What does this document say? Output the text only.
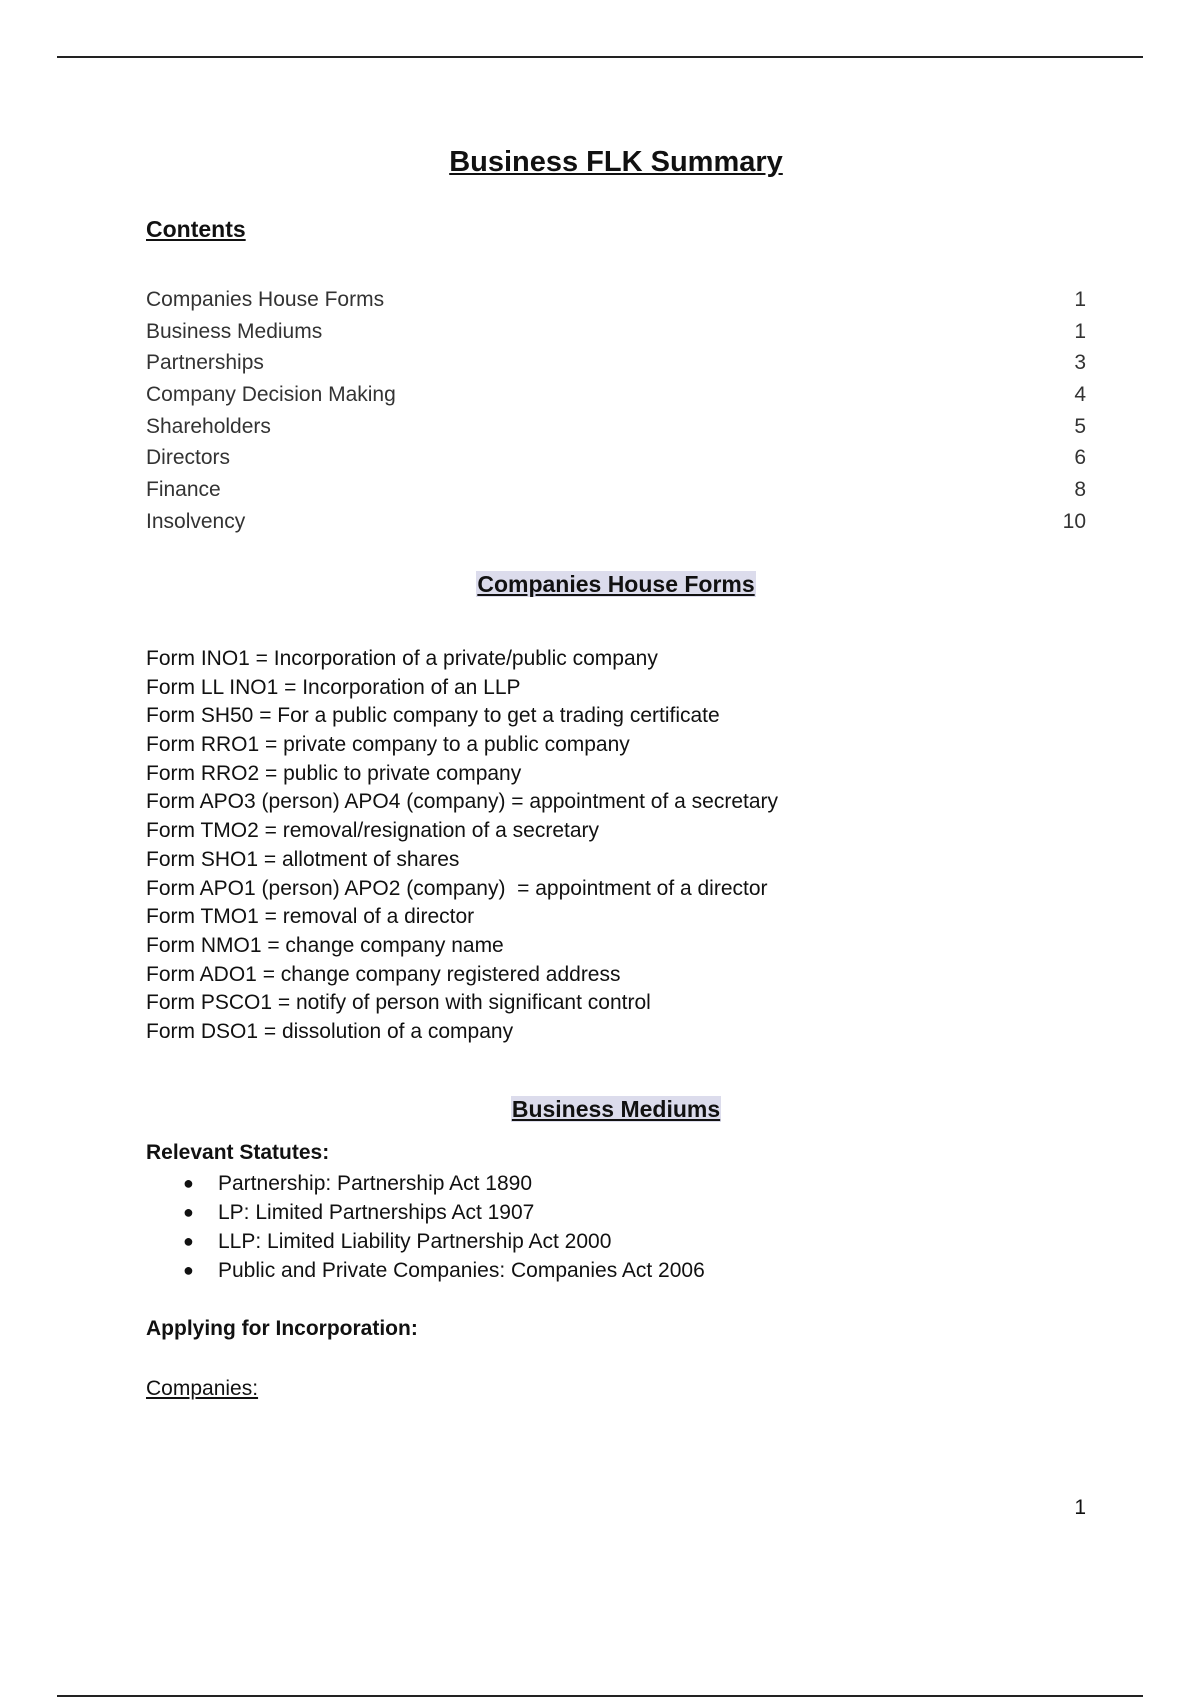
Business FLK Summary
Contents
Companies House Forms	1
Business Mediums	1
Partnerships	3
Company Decision Making	4
Shareholders	5
Directors	6
Finance	8
Insolvency	10
Companies House Forms
Form INO1 = Incorporation of a private/public company
Form LL INO1 = Incorporation of an LLP
Form SH50 = For a public company to get a trading certificate
Form RRO1 = private company to a public company
Form RRO2 = public to private company
Form APO3 (person) APO4 (company) = appointment of a secretary
Form TMO2 = removal/resignation of a secretary
Form SHO1 = allotment of shares
Form APO1 (person) APO2 (company)  = appointment of a director
Form TMO1 = removal of a director
Form NMO1 = change company name
Form ADO1 = change company registered address
Form PSCO1 = notify of person with significant control
Form DSO1 = dissolution of a company
Business Mediums
Relevant Statutes:
● Partnership: Partnership Act 1890
● LP: Limited Partnerships Act 1907
● LLP: Limited Liability Partnership Act 2000
● Public and Private Companies: Companies Act 2006
Applying for Incorporation:

Companies:

1
